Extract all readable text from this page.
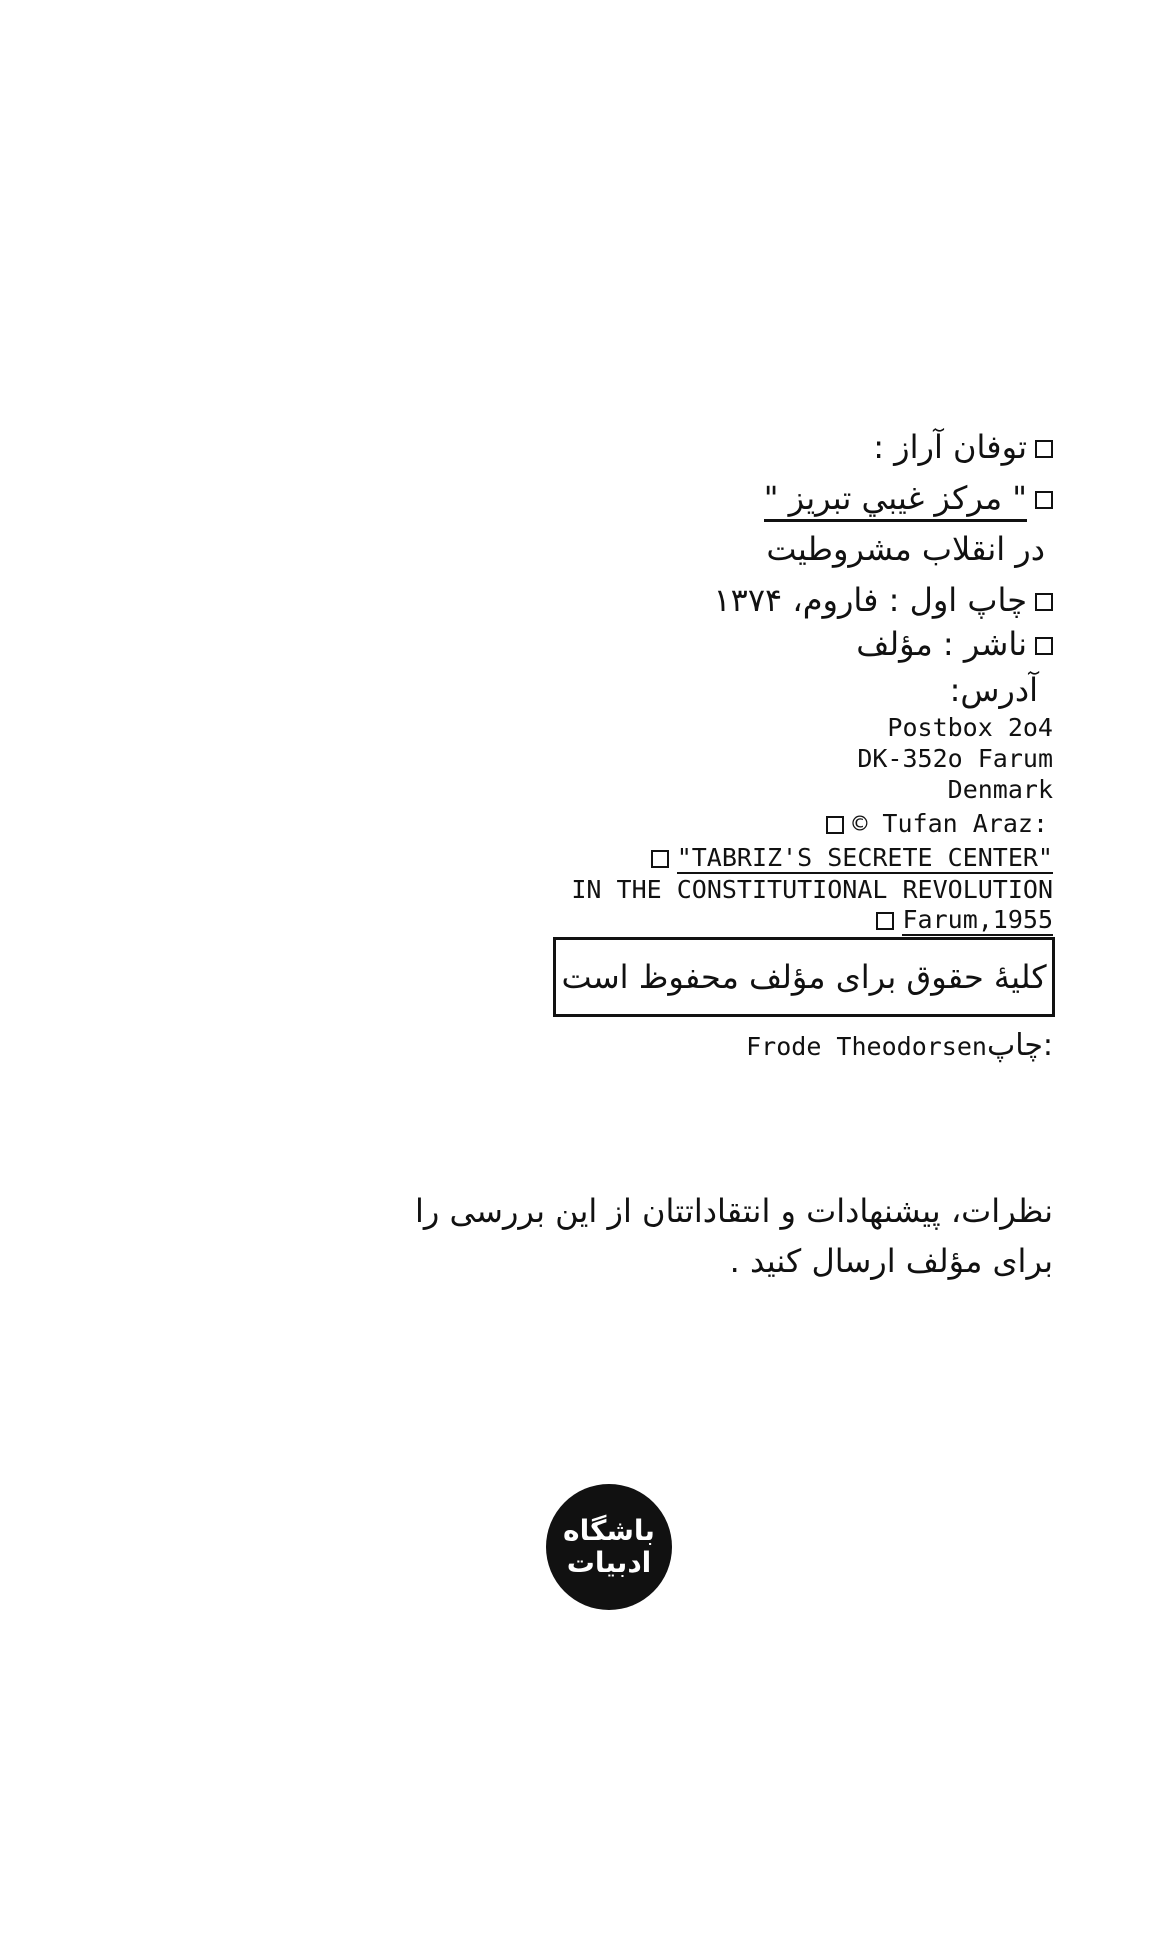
توفان آراز :
" مركز غيبي تبريز "
در انقلاب مشروطيت
چاپ اول : فاروم، ۱۳۷۴
ناشر : مؤلف
آدرس:
Postbox 2o4
DK-352o Farum
Denmark
© Tufan Araz:
"TABRIZ'S SECRETE CENTER"
IN THE CONSTITUTIONAL REVOLUTION
Farum,1955
کلیهٔ حقوق برای مؤلف محفوظ است
Frode Theodorsenچاپ:
نظرات، پیشنهادات و انتقاداتتان از این بررسی را
برای مؤلف ارسال کنید .
باشگاه
ادبیات
